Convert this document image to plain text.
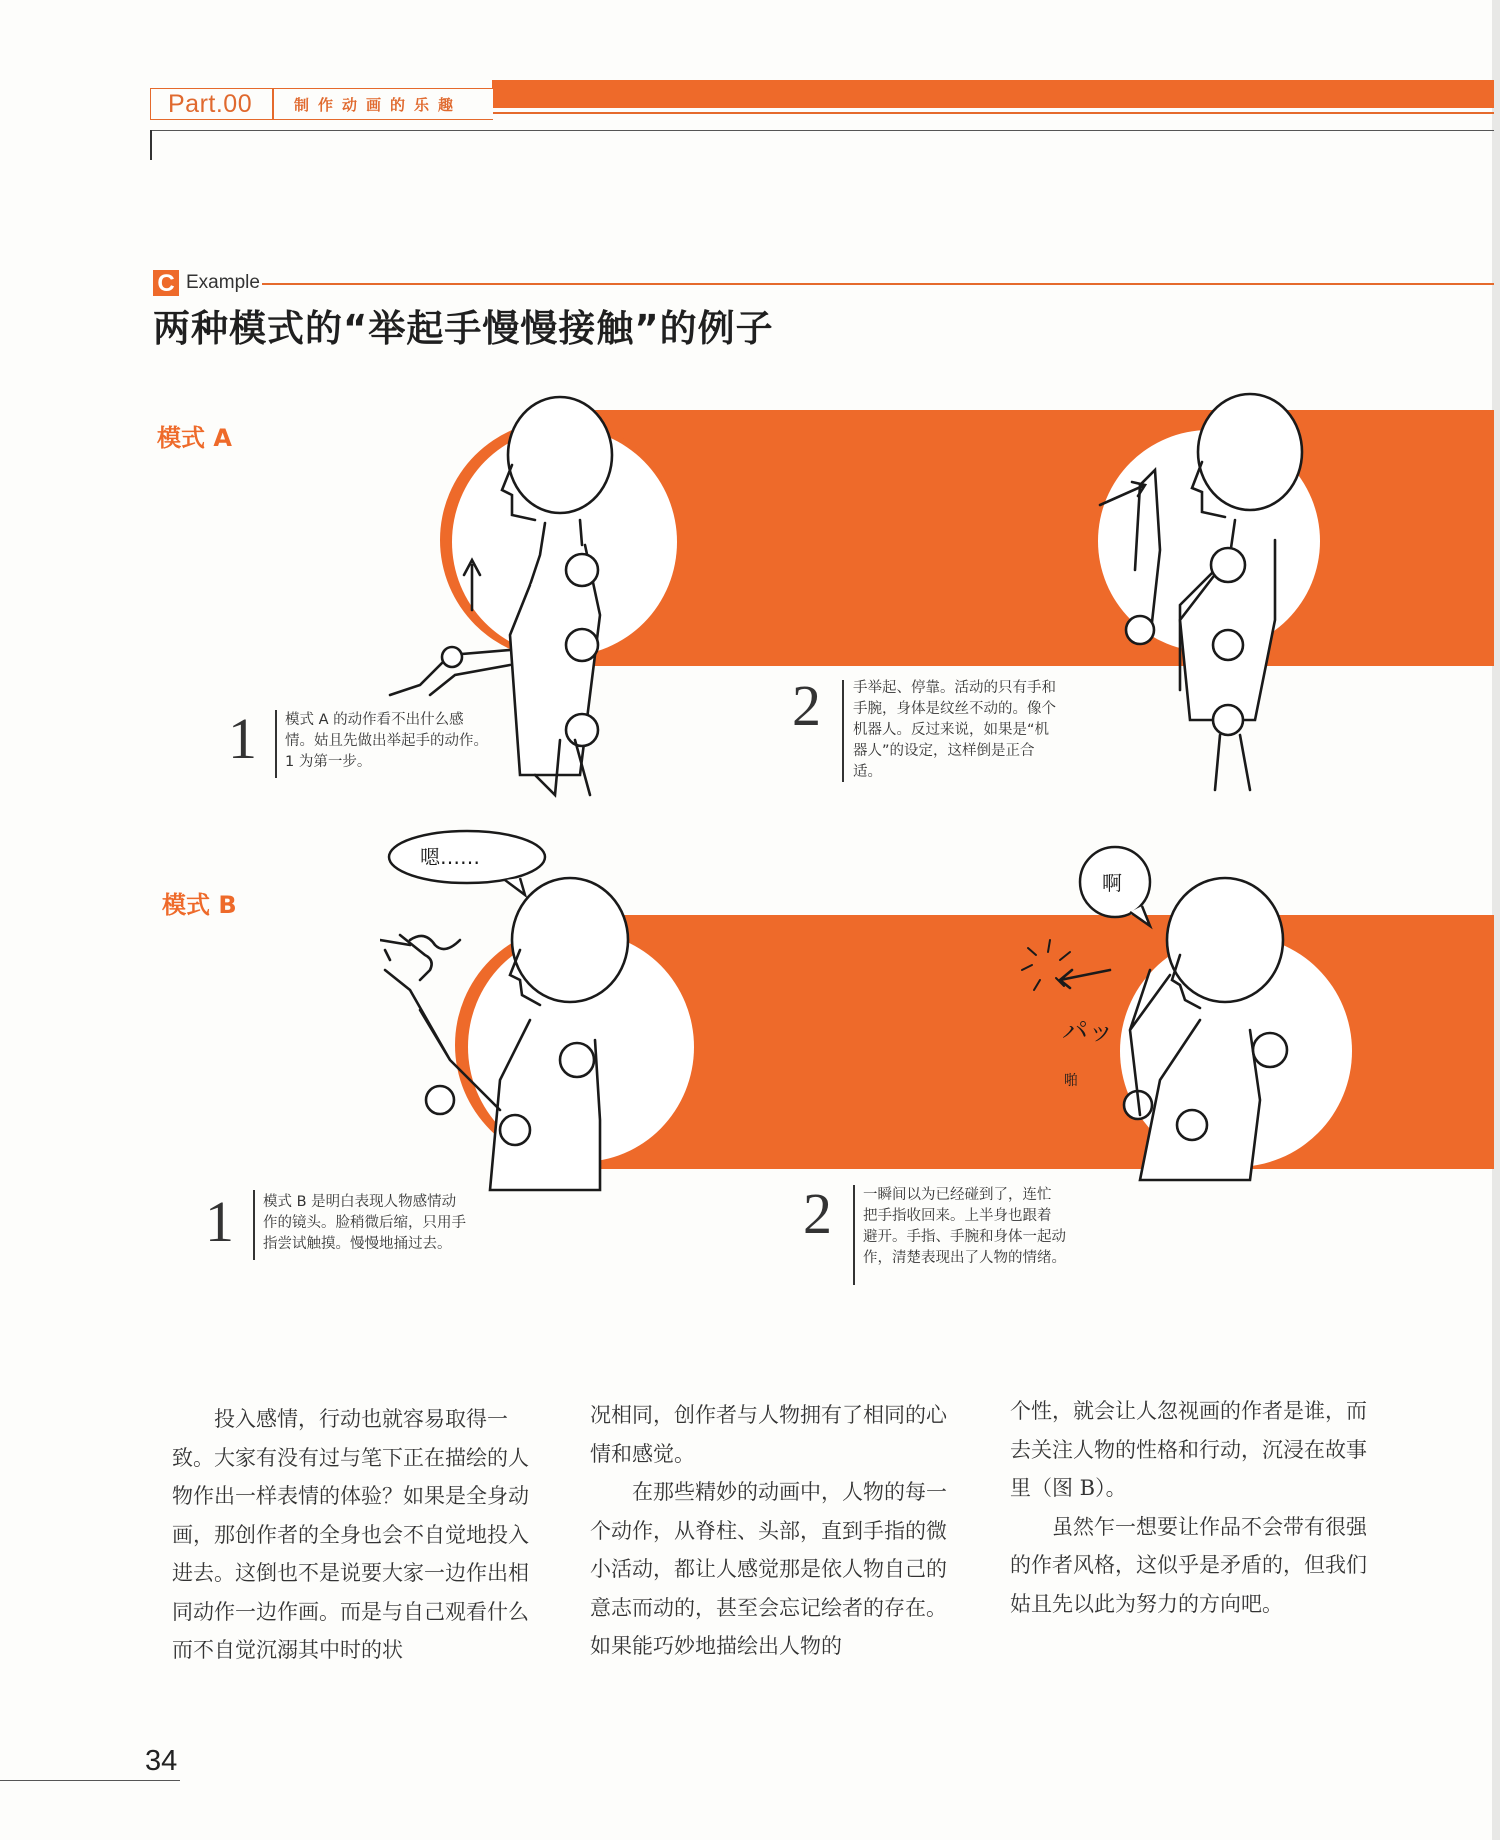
Part.00	制作动画的乐趣
C Example
两种模式的“举起手慢慢接触”的例子
模式 A
1 模式 A 的动作看不出什么感
情。姑且先做出举起手的动作。
1 为第一步。
2 手举起、停靠。活动的只有手和
手腕，身体是纹丝不动的。像个
机器人。反过来说，如果是“机
器人”的设定，这样倒是正合
适。
模式 B
嗯……
啊
パッ
啪
1 模式 B 是明白表现人物感情动
作的镜头。脸稍微后缩，只用手
指尝试触摸。慢慢地捅过去。	2 一瞬间以为已经碰到了，连忙
把手指收回来。上半身也跟着
避开。手指、手腕和身体一起动
作，清楚表现出了人物的情绪。

投入感情，行动也就容易取得一致。大家有没有过与笔下正在描绘的人物作出一样表情的体验？如果是全身动画，那创作者的全身也会不自觉地投入进去。这倒也不是说要大家一边作出相同动作一边作画。而是与自己观看什么而不自觉沉溺其中时的状

况相同，创作者与人物拥有了相同的心情和感觉。

在那些精妙的动画中，人物的每一个动作，从脊柱、头部，直到手指的微小活动，都让人感觉那是依人物自己的意志而动的，甚至会忘记绘者的存在。如果能巧妙地描绘出人物的

个性，就会让人忽视画的作者是谁，而去关注人物的性格和行动，沉浸在故事里（图 B）。

虽然乍一想要让作品不会带有很强的作者风格，这似乎是矛盾的，但我们姑且先以此为努力的方向吧。

34
